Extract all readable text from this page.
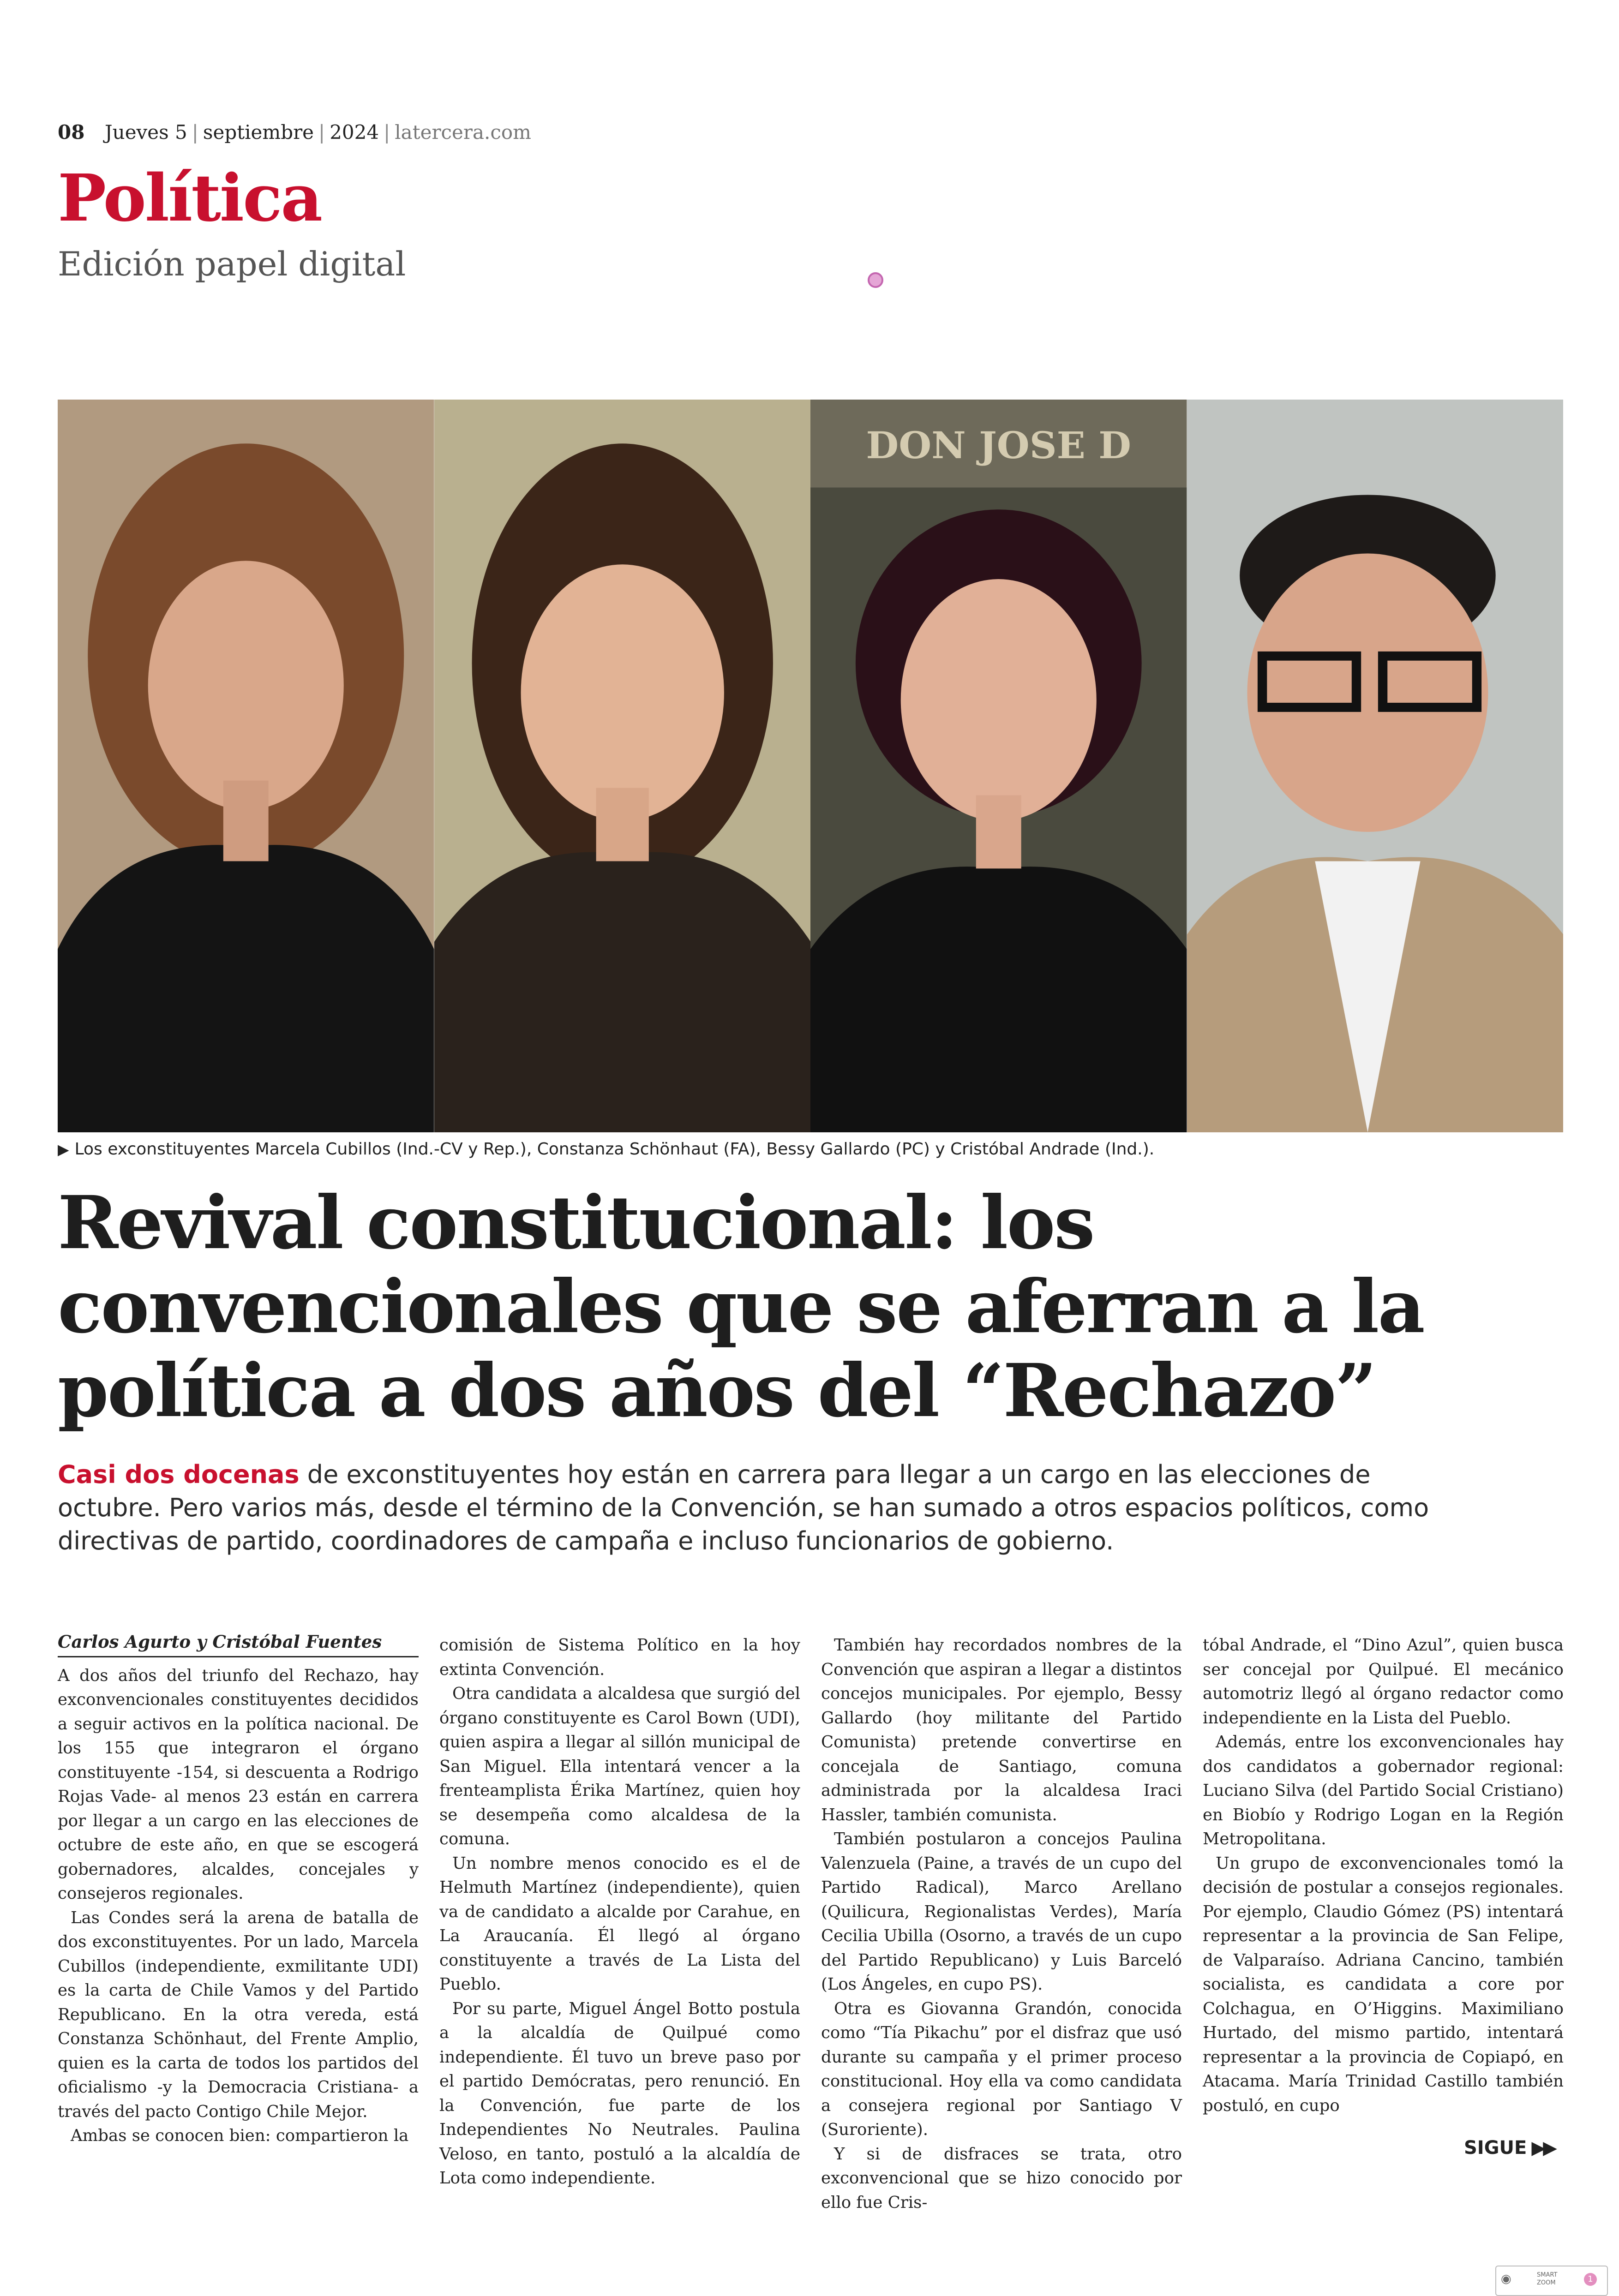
08 Jueves 5 | septiembre | 2024 | latercera.com
Política
Edición papel digital
DON JOSE D
▶ Los exconstituyentes Marcela Cubillos (Ind.-CV y Rep.), Constanza Schönhaut (FA), Bessy Gallardo (PC) y Cristóbal Andrade (Ind.).
Revival constitucional: los
convencionales que se aferran a la
política a dos años del “Rechazo”
Casi dos docenas de exconstituyentes hoy están en carrera para llegar a un cargo en las elecciones de octubre. Pero varios más, desde el término de la Convención, se han sumado a otros espacios políticos, como directivas de partido, coordinadores de campaña e incluso funcionarios de gobierno.
Carlos Agurto y Cristóbal Fuentes

A dos años del triunfo del Rechazo, hay exconvencionales constituyentes decididos a seguir activos en la política nacional. De los 155 que integraron el órgano constituyente -154, si descuenta a Rodrigo Rojas Vade- al menos 23 están en carrera por llegar a un cargo en las elecciones de octubre de este año, en que se escogerá gobernadores, alcaldes, concejales y consejeros regionales.

Las Condes será la arena de batalla de dos exconstituyentes. Por un lado, Marcela Cubillos (independiente, exmilitante UDI) es la carta de Chile Vamos y del Partido Republicano. En la otra vereda, está Constanza Schönhaut, del Frente Amplio, quien es la carta de todos los partidos del oficialismo -y la Democracia Cristiana- a través del pacto Contigo Chile Mejor.

Ambas se conocen bien: compartieron la

comisión de Sistema Político en la hoy extinta Convención.

Otra candidata a alcaldesa que surgió del órgano constituyente es Carol Bown (UDI), quien aspira a llegar al sillón municipal de San Miguel. Ella intentará vencer a la frenteamplista Érika Martínez, quien hoy se desempeña como alcaldesa de la comuna.

Un nombre menos conocido es el de Helmuth Martínez (independiente), quien va de candidato a alcalde por Carahue, en La Araucanía. Él llegó al órgano constituyente a través de La Lista del Pueblo.

Por su parte, Miguel Ángel Botto postula a la alcaldía de Quilpué como independiente. Él tuvo un breve paso por el partido Demócratas, pero renunció. En la Convención, fue parte de los Independientes No Neutrales. Paulina Veloso, en tanto, postuló a la alcaldía de Lota como independiente.

También hay recordados nombres de la Convención que aspiran a llegar a distintos concejos municipales. Por ejemplo, Bessy Gallardo (hoy militante del Partido Comunista) pretende convertirse en concejala de Santiago, comuna administrada por la alcaldesa Iraci Hassler, también comunista.

También postularon a concejos Paulina Valenzuela (Paine, a través de un cupo del Partido Radical), Marco Arellano (Quilicura, Regionalistas Verdes), María Cecilia Ubilla (Osorno, a través de un cupo del Partido Republicano) y Luis Barceló (Los Ángeles, en cupo PS).

Otra es Giovanna Grandón, conocida como “Tía Pikachu” por el disfraz que usó durante su campaña y el primer proceso constitucional. Hoy ella va como candidata a consejera regional por Santiago V (Suroriente).

Y si de disfraces se trata, otro exconvencional que se hizo conocido por ello fue Cris-

tóbal Andrade, el “Dino Azul”, quien busca ser concejal por Quilpué. El mecánico automotriz llegó al órgano redactor como independiente en la Lista del Pueblo.

Además, entre los exconvencionales hay dos candidatos a gobernador regional: Luciano Silva (del Partido Social Cristiano) en Biobío y Rodrigo Logan en la Región Metropolitana.

Un grupo de exconvencionales tomó la decisión de postular a consejos regionales. Por ejemplo, Claudio Gómez (PS) intentará representar a la provincia de San Felipe, de Valparaíso. Adriana Cancino, también socialista, es candidata a core por Colchagua, en O’Higgins. Maximiliano Hurtado, del mismo partido, intentará representar a la provincia de Copiapó, en Atacama. María Trinidad Castillo también postuló, en cupo

SIGUE ▶▶
◉	SMART
ZOOM	1
